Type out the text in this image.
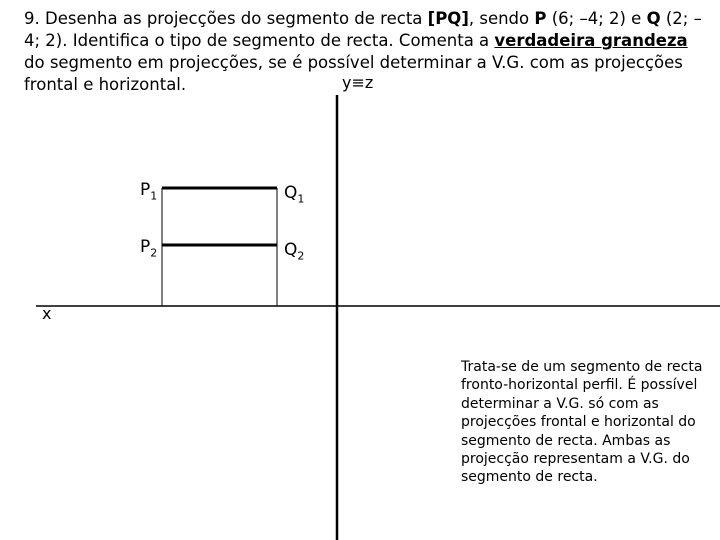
9. Desenha as projecções do segmento de recta [PQ], sendo P (6; –4; 2) e Q (2; –4; 2). Identifica o tipo de segmento de recta. Comenta a verdadeira grandeza do segmento em projecções, se é possível determinar a V.G. com as projecções frontal e horizontal.	y≡z
x
$P_1$	$Q_1$
$P_2$	$Q_2$

Trata-se de um segmento de recta fronto-horizontal perfil. É possível determinar a V.G. só com as projecções frontal e horizontal do segmento de recta. Ambas as projecção representam a V.G. do segmento de recta.
